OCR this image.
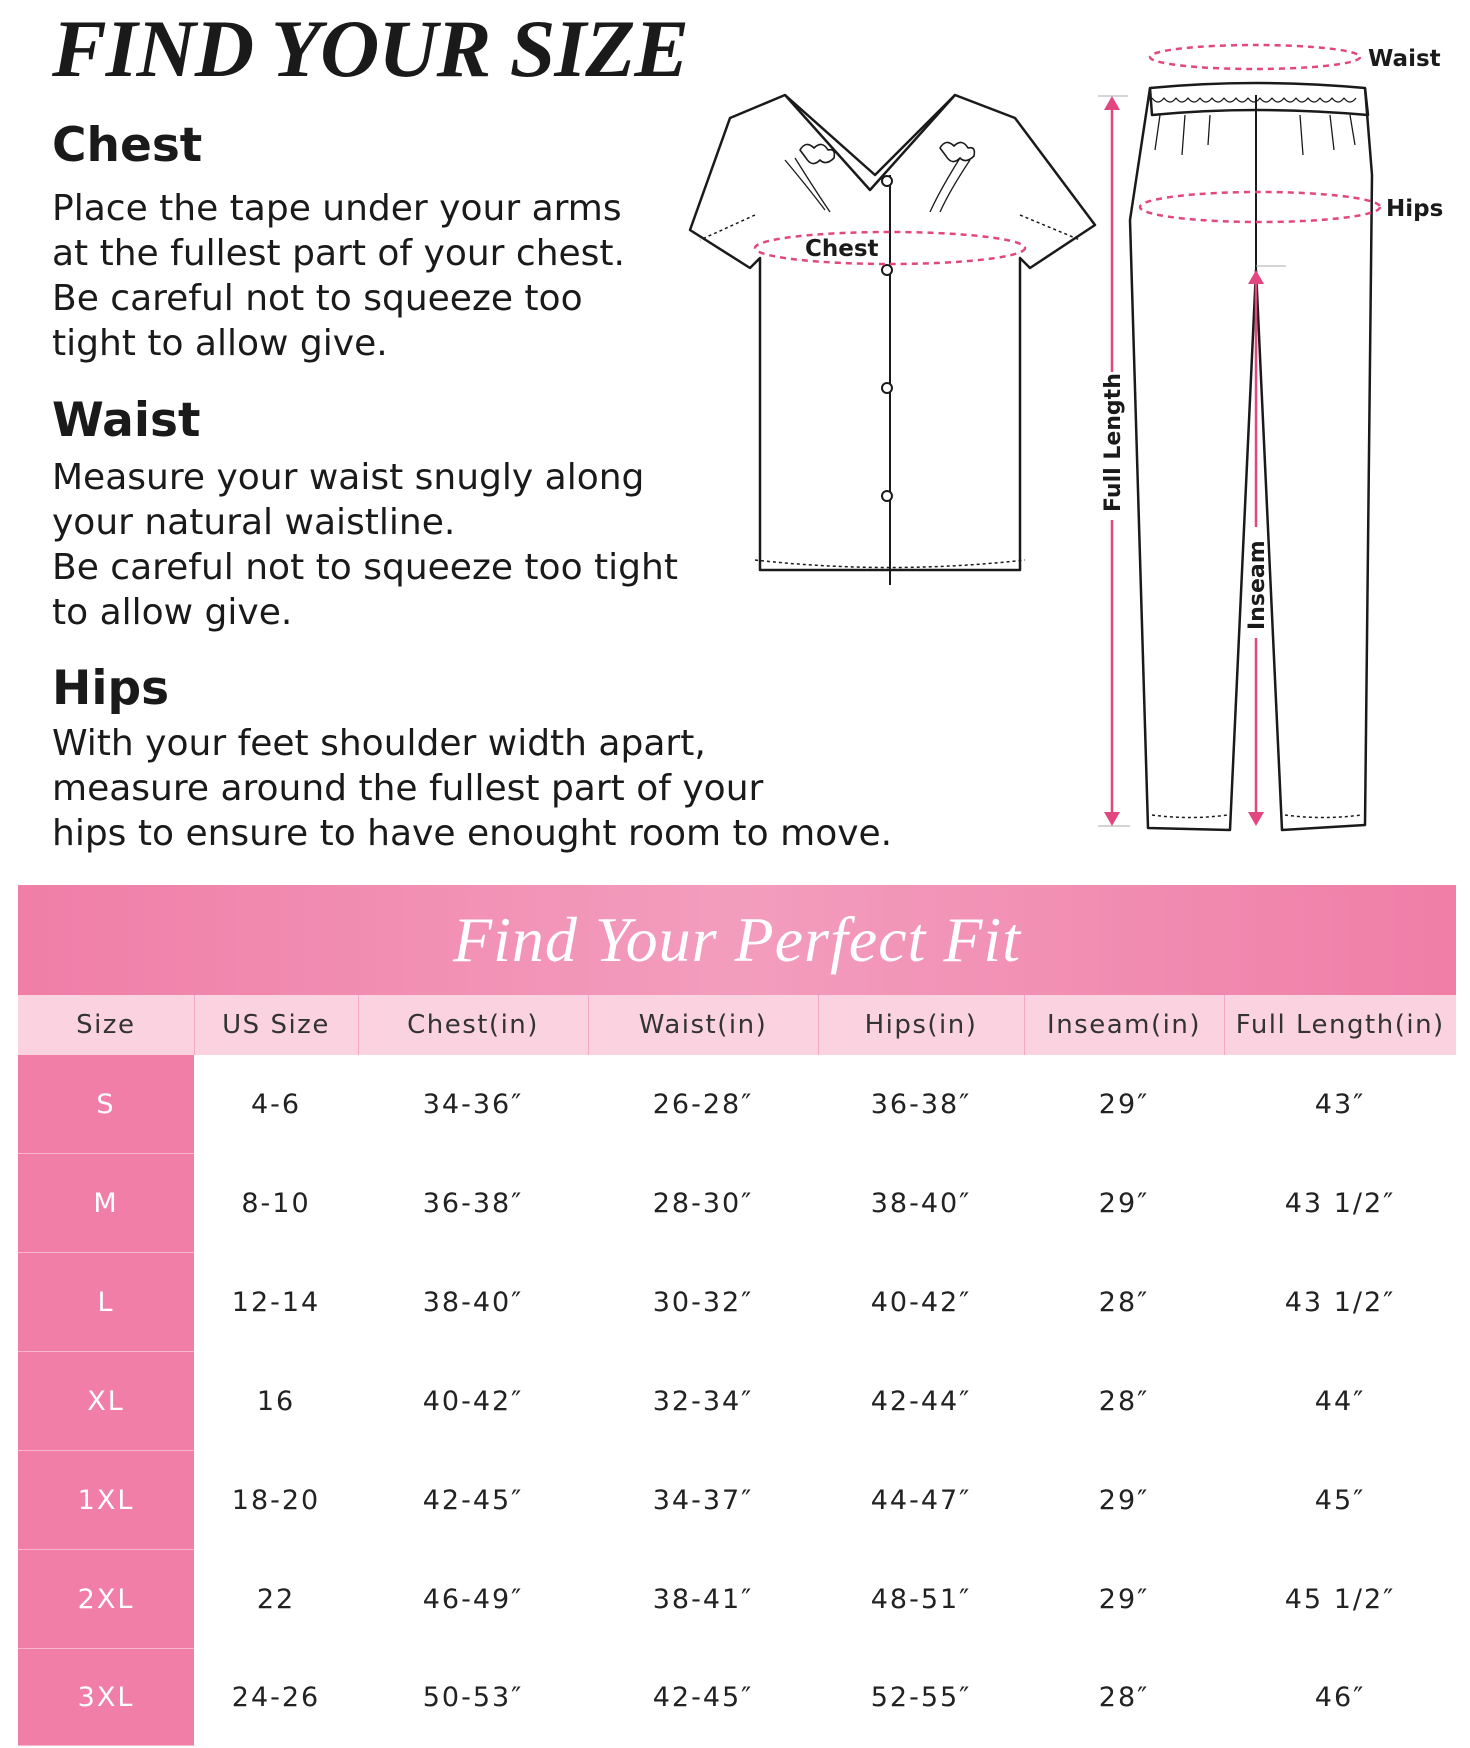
FIND YOUR SIZE
Chest

Place the tape under your arms
at the fullest part of your chest.
Be careful not to squeeze too
tight to allow give.

Waist

Measure your waist snugly along
your natural waistline.
Be careful not to squeeze too tight
to allow give.

Hips

With your feet shoulder width apart,
measure around the fullest part of your
hips to ensure to have enought room to move.

Chest
Waist
Hips
Full Length
Inseam
Find Your Perfect Fit
Size	US Size	Chest(in)	Waist(in)	Hips(in)	Inseam(in)	Full Length(in)
S	4-6	34-36″	26-28″	36-38″	29″	43″
M	8-10	36-38″	28-30″	38-40″	29″	43 1/2″
L	12-14	38-40″	30-32″	40-42″	28″	43 1/2″
XL	16	40-42″	32-34″	42-44″	28″	44″
1XL	18-20	42-45″	34-37″	44-47″	29″	45″
2XL	22	46-49″	38-41″	48-51″	29″	45 1/2″
3XL	24-26	50-53″	42-45″	52-55″	28″	46″
